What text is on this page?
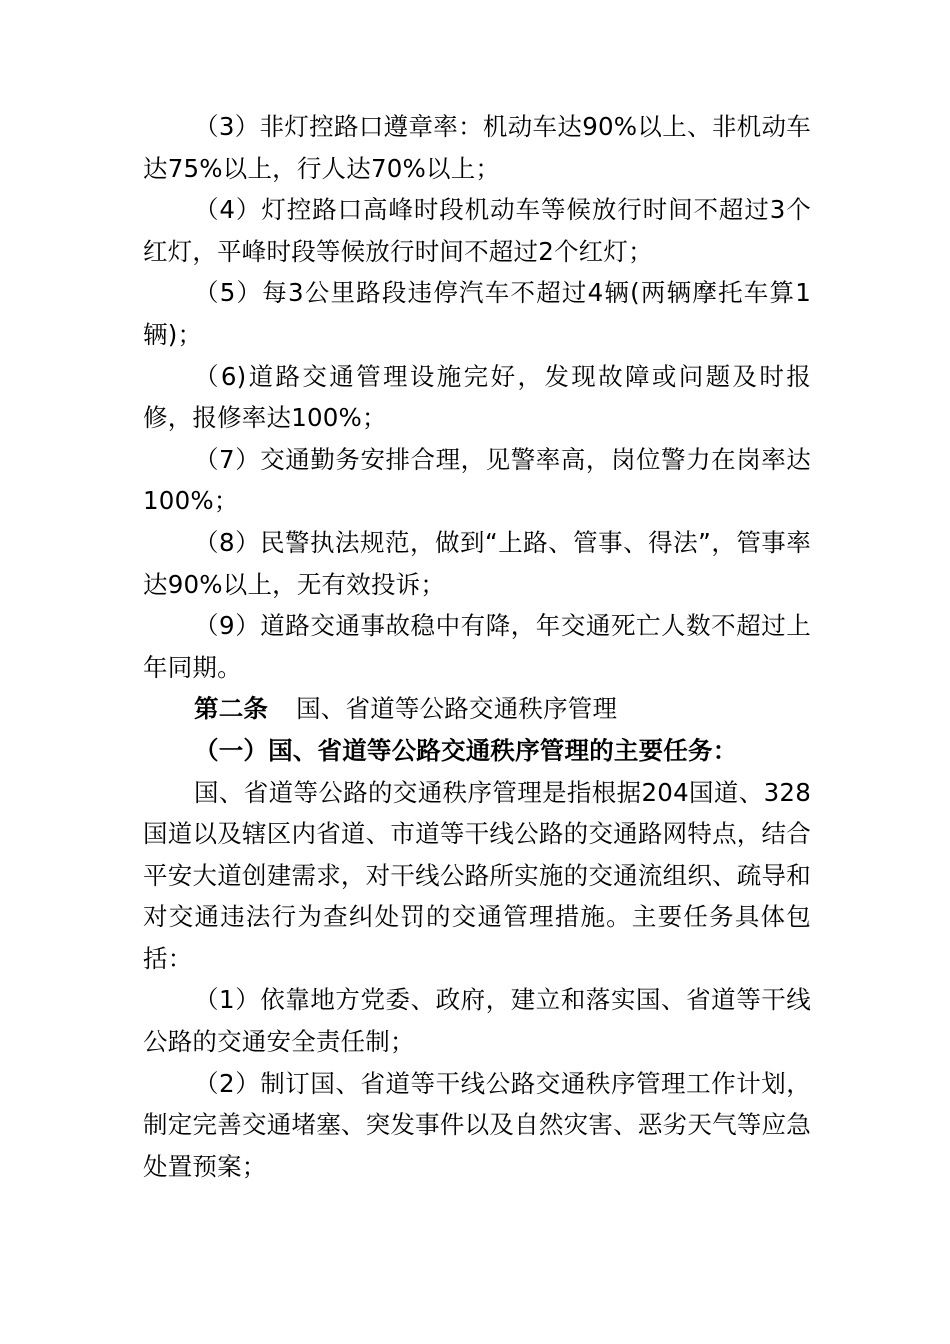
（3）非灯控路口遵章率：机动车达90%以上、非机动车达75%以上，行人达70%以上；

（4）灯控路口高峰时段机动车等候放行时间不超过3个红灯，平峰时段等候放行时间不超过2个红灯；

（5）每3公里路段违停汽车不超过4辆(两辆摩托车算1辆)；

（6)道路交通管理设施完好，发现故障或问题及时报修，报修率达100%；

（7）交通勤务安排合理，见警率高，岗位警力在岗率达100%；

（8）民警执法规范，做到“上路、管事、得法”，管事率达90%以上，无有效投诉；

（9）道路交通事故稳中有降，年交通死亡人数不超过上年同期。

第二条 国、省道等公路交通秩序管理

（一）国、省道等公路交通秩序管理的主要任务：

国、省道等公路的交通秩序管理是指根据204国道、328国道以及辖区内省道、市道等干线公路的交通路网特点，结合平安大道创建需求，对干线公路所实施的交通流组织、疏导和对交通违法行为查纠处罚的交通管理措施。主要任务具体包括：

（1）依靠地方党委、政府，建立和落实国、省道等干线公路的交通安全责任制；

（2）制订国、省道等干线公路交通秩序管理工作计划，制定完善交通堵塞、突发事件以及自然灾害、恶劣天气等应急处置预案；
